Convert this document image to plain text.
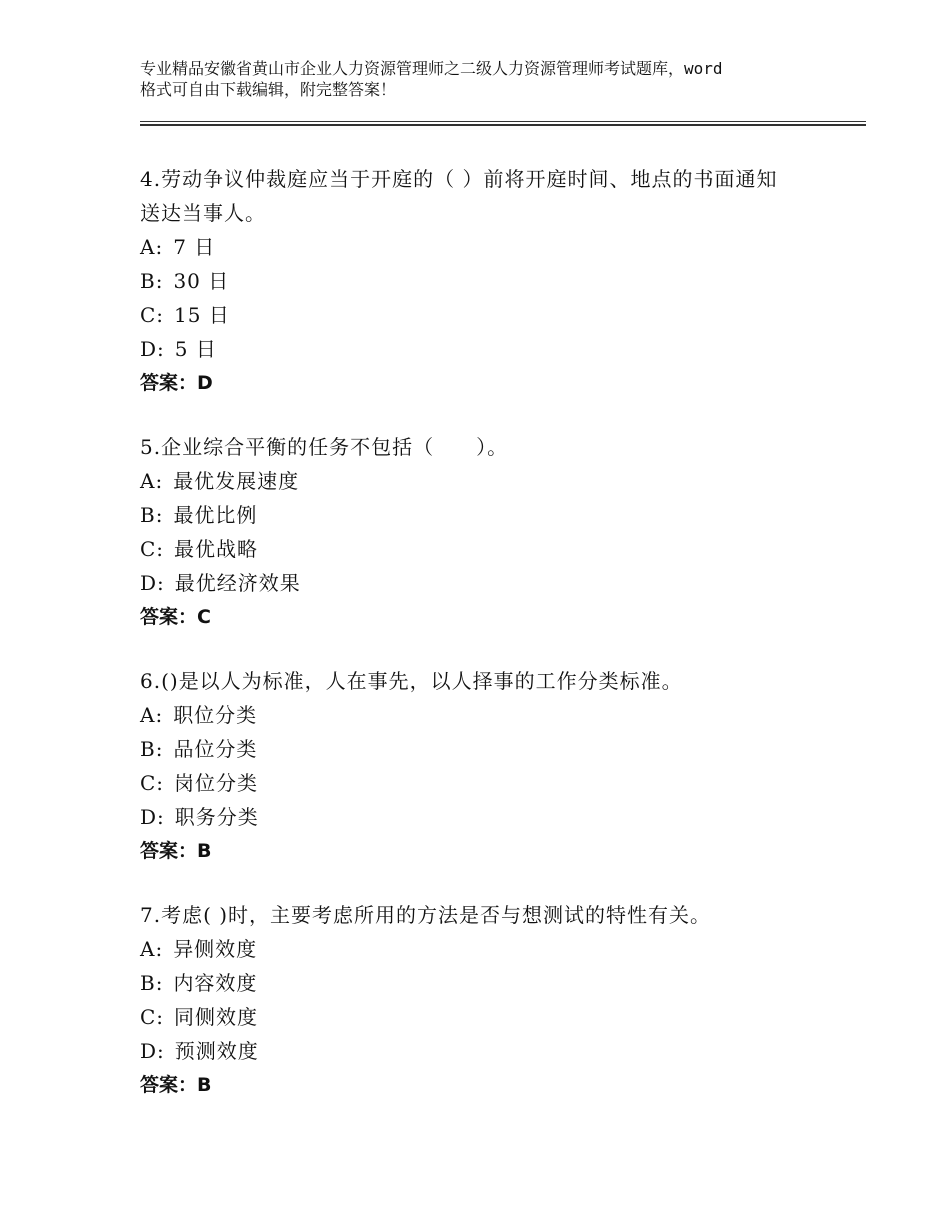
专业精品安徽省黄山市企业人力资源管理师之二级人力资源管理师考试题库，word
格式可自由下载编辑，附完整答案！
4.劳动争议仲裁庭应当于开庭的（ ）前将开庭时间、地点的书面通知
送达当事人。
A: 7 日
B: 30 日
C: 15 日
D: 5 日
答案：D
5.企业综合平衡的任务不包括（　　）。
A: 最优发展速度
B: 最优比例
C: 最优战略
D: 最优经济效果
答案：C
6.()是以人为标准，人在事先，以人择事的工作分类标准。
A: 职位分类
B: 品位分类
C: 岗位分类
D: 职务分类
答案：B
7.考虑( )时，主要考虑所用的方法是否与想测试的特性有关。
A: 异侧效度
B: 内容效度
C: 同侧效度
D: 预测效度
答案：B
